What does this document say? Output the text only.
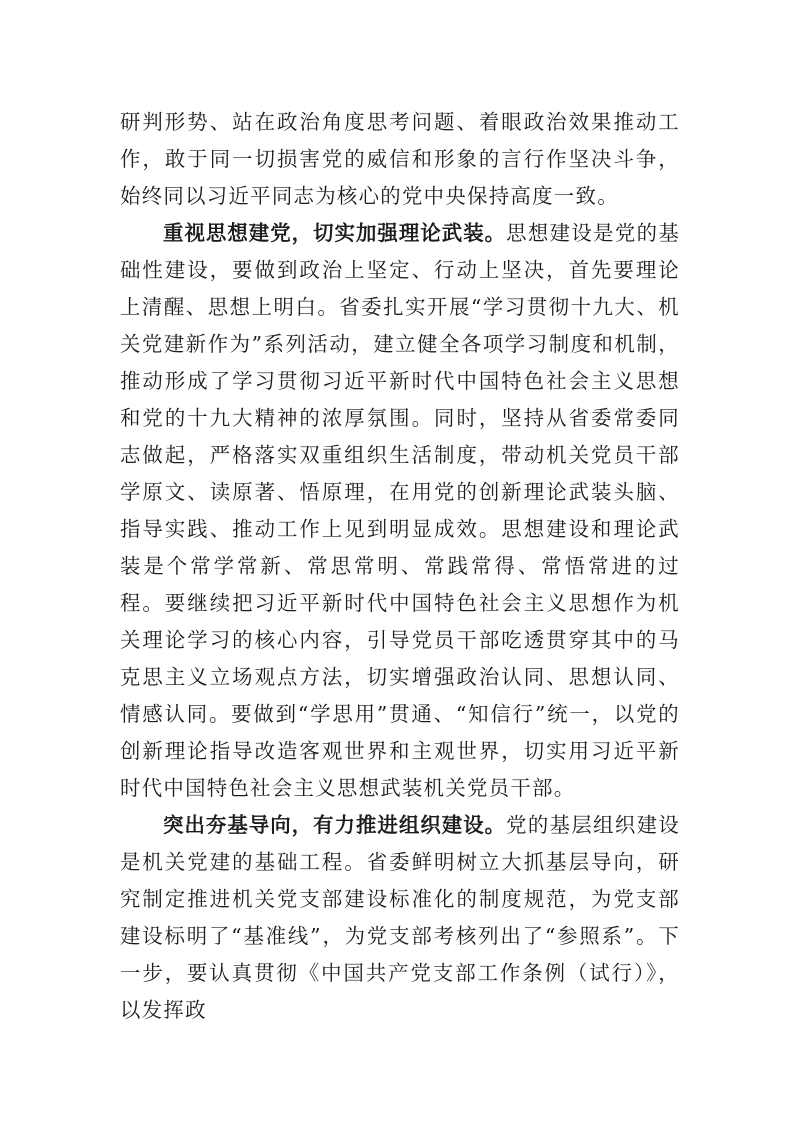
研判形势、站在政治角度思考问题、着眼政治效果推动工作，敢于同一切损害党的威信和形象的言行作坚决斗争，始终同以习近平同志为核心的党中央保持高度一致。

重视思想建党，切实加强理论武装。思想建设是党的基础性建设，要做到政治上坚定、行动上坚决，首先要理论上清醒、思想上明白。省委扎实开展“学习贯彻十九大、机关党建新作为”系列活动，建立健全各项学习制度和机制，推动形成了学习贯彻习近平新时代中国特色社会主义思想和党的十九大精神的浓厚氛围。同时，坚持从省委常委同志做起，严格落实双重组织生活制度，带动机关党员干部学原文、读原著、悟原理，在用党的创新理论武装头脑、指导实践、推动工作上见到明显成效。思想建设和理论武装是个常学常新、常思常明、常践常得、常悟常进的过程。要继续把习近平新时代中国特色社会主义思想作为机关理论学习的核心内容，引导党员干部吃透贯穿其中的马克思主义立场观点方法，切实增强政治认同、思想认同、情感认同。要做到“学思用”贯通、“知信行”统一，以党的创新理论指导改造客观世界和主观世界，切实用习近平新时代中国特色社会主义思想武装机关党员干部。

突出夯基导向，有力推进组织建设。党的基层组织建设是机关党建的基础工程。省委鲜明树立大抓基层导向，研究制定推进机关党支部建设标准化的制度规范，为党支部建设标明了“基准线”，为党支部考核列出了“参照系”。下一步，要认真贯彻《中国共产党支部工作条例（试行）》，以发挥政
